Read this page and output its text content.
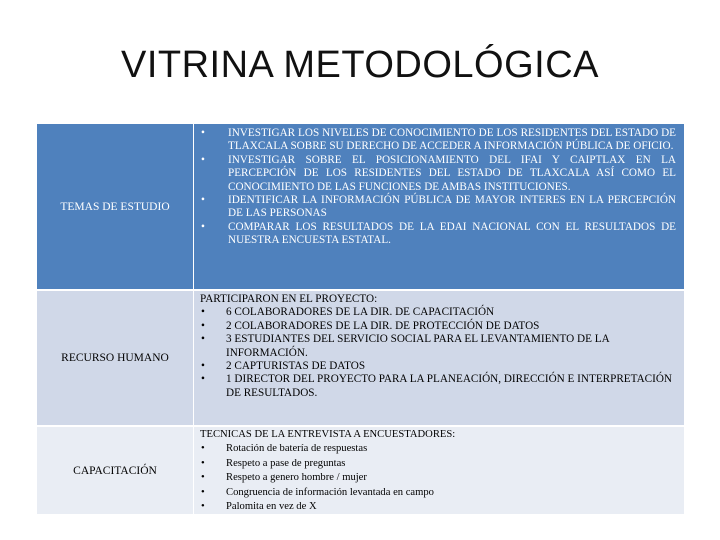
VITRINA METODOLÓGICA
TEMAS DE ESTUDIO
• INVESTIGAR LOS NIVELES DE CONOCIMIENTO DE LOS RESIDENTES DEL ESTADO DE TLAXCALA SOBRE SU DERECHO DE ACCEDER A INFORMACIÓN PÚBLICA DE OFICIO.
• INVESTIGAR SOBRE EL POSICIONAMIENTO DEL IFAI Y CAIPTLAX EN LA PERCEPCIÓN DE LOS RESIDENTES DEL ESTADO DE TLAXCALA ASÍ COMO EL CONOCIMIENTO DE LAS FUNCIONES DE AMBAS INSTITUCIONES.
• IDENTIFICAR LA INFORMACIÓN PÚBLICA DE MAYOR INTERES EN LA PERCEPCIÓN DE LAS PERSONAS
• COMPARAR LOS RESULTADOS DE LA EDAI NACIONAL CON EL RESULTADOS DE NUESTRA ENCUESTA ESTATAL.
RECURSO HUMANO

PARTICIPARON EN EL PROYECTO:

• 6 COLABORADORES DE LA DIR. DE CAPACITACIÓN
• 2 COLABORADORES DE LA DIR. DE PROTECCIÓN DE DATOS
• 3 ESTUDIANTES DEL SERVICIO SOCIAL PARA EL LEVANTAMIENTO DE LA INFORMACIÓN.
• 2 CAPTURISTAS DE DATOS
• 1 DIRECTOR DEL PROYECTO PARA LA PLANEACIÓN, DIRECCIÓN E INTERPRETACIÓN DE RESULTADOS.
CAPACITACIÓN

TECNICAS DE LA ENTREVISTA A ENCUESTADORES:

• Rotación de batería de respuestas
• Respeto a pase de preguntas
• Respeto a genero hombre / mujer
• Congruencia de información levantada en campo
• Palomita en vez de X
